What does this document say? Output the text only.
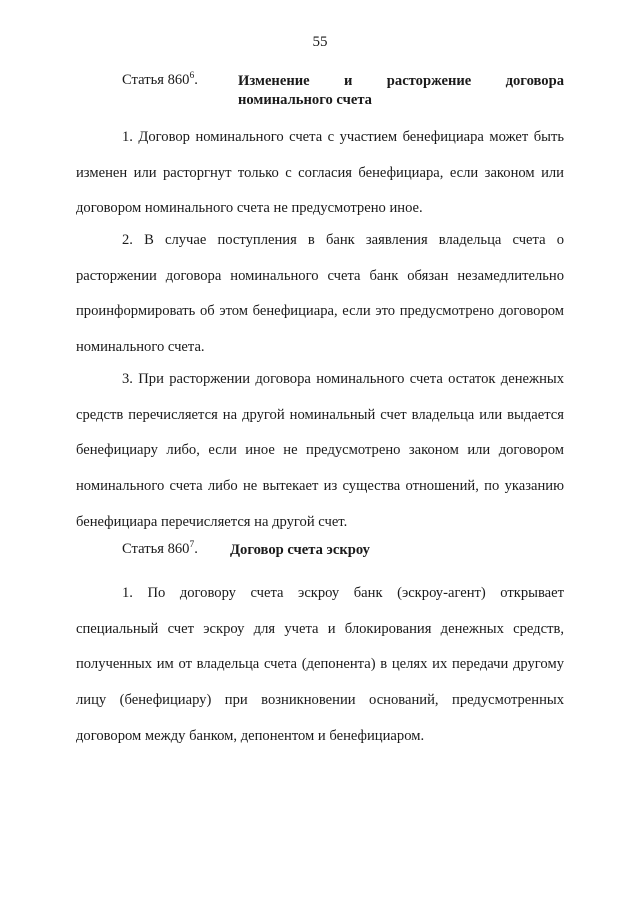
55
Статья $860^6$.	Изменение и расторжение договора
номинального счета

1. Договор номинального счета с участием бенефициара может быть изменен или расторгнут только с согласия бенефициара, если законом или договором номинального счета не предусмотрено иное.

2. В случае поступления в банк заявления владельца счета о расторжении договора номинального счета банк обязан незамедлительно проинформировать об этом бенефициара, если это предусмотрено договором номинального счета.

3. При расторжении договора номинального счета остаток денежных средств перечисляется на другой номинальный счет владельца или выдается бенефициару либо, если иное не предусмотрено законом или договором номинального счета либо не вытекает из существа отношений, по указанию бенефициара перечисляется на другой счет.

Статья $860^7$. Договор счета эскроу

1. По договору счета эскроу банк (эскроу-агент) открывает специальный счет эскроу для учета и блокирования денежных средств, полученных им от владельца счета (депонента) в целях их передачи другому лицу (бенефициару) при возникновении оснований, предусмотренных договором между банком, депонентом и бенефициаром.
